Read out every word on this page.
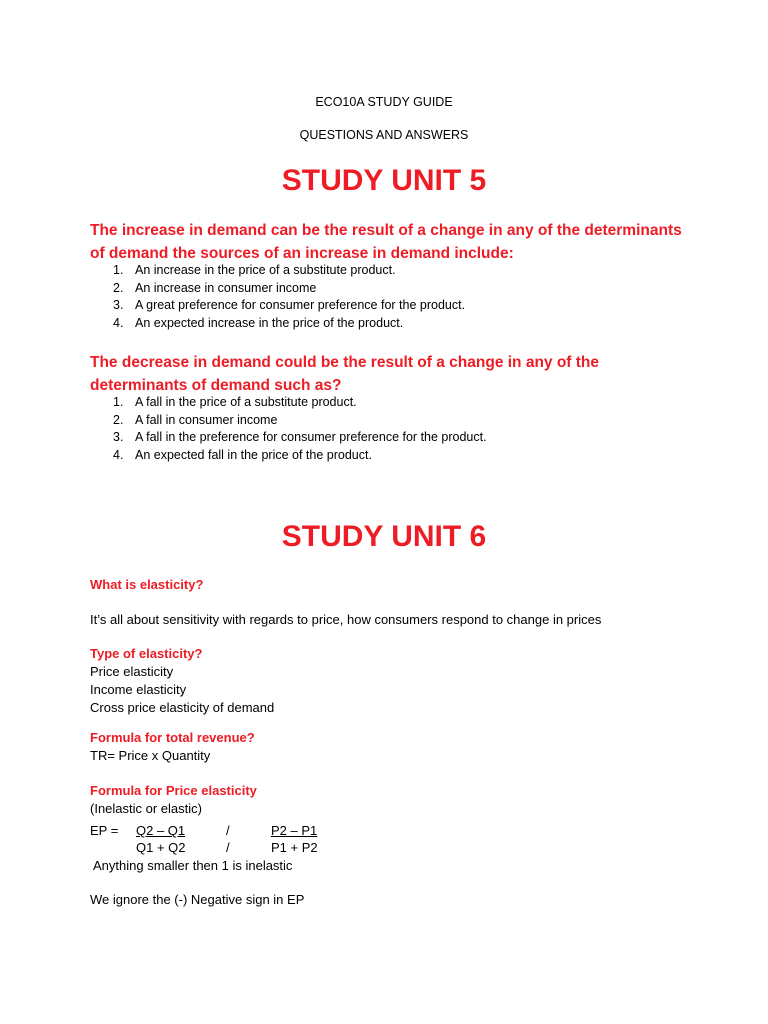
ECO10A STUDY GUIDE
QUESTIONS AND ANSWERS
STUDY UNIT 5
The increase in demand can be the result of a change in any of the determinants
of demand the sources of an increase in demand include:
1. An increase in the price of a substitute product.
2. An increase in consumer income
3. A great preference for consumer preference for the product.
4. An expected increase in the price of the product.
The decrease in demand could be the result of a change in any of the
determinants of demand such as?
1. A fall in the price of a substitute product.
2. A fall in consumer income
3. A fall in the preference for consumer preference for the product.
4. An expected fall in the price of the product.
STUDY UNIT 6
What is elasticity?
It’s all about sensitivity with regards to price, how consumers respond to change in prices
Type of elasticity?
Price elasticity
Income elasticity
Cross price elasticity of demand
Formula for total revenue?
TR= Price x Quantity
Formula for Price elasticity
(Inelastic or elastic)
EP = Q2 – Q1	/	P2 – P1
Q1 + Q2	/	P1 + P2
Anything smaller then 1 is inelastic
We ignore the (-) Negative sign in EP
